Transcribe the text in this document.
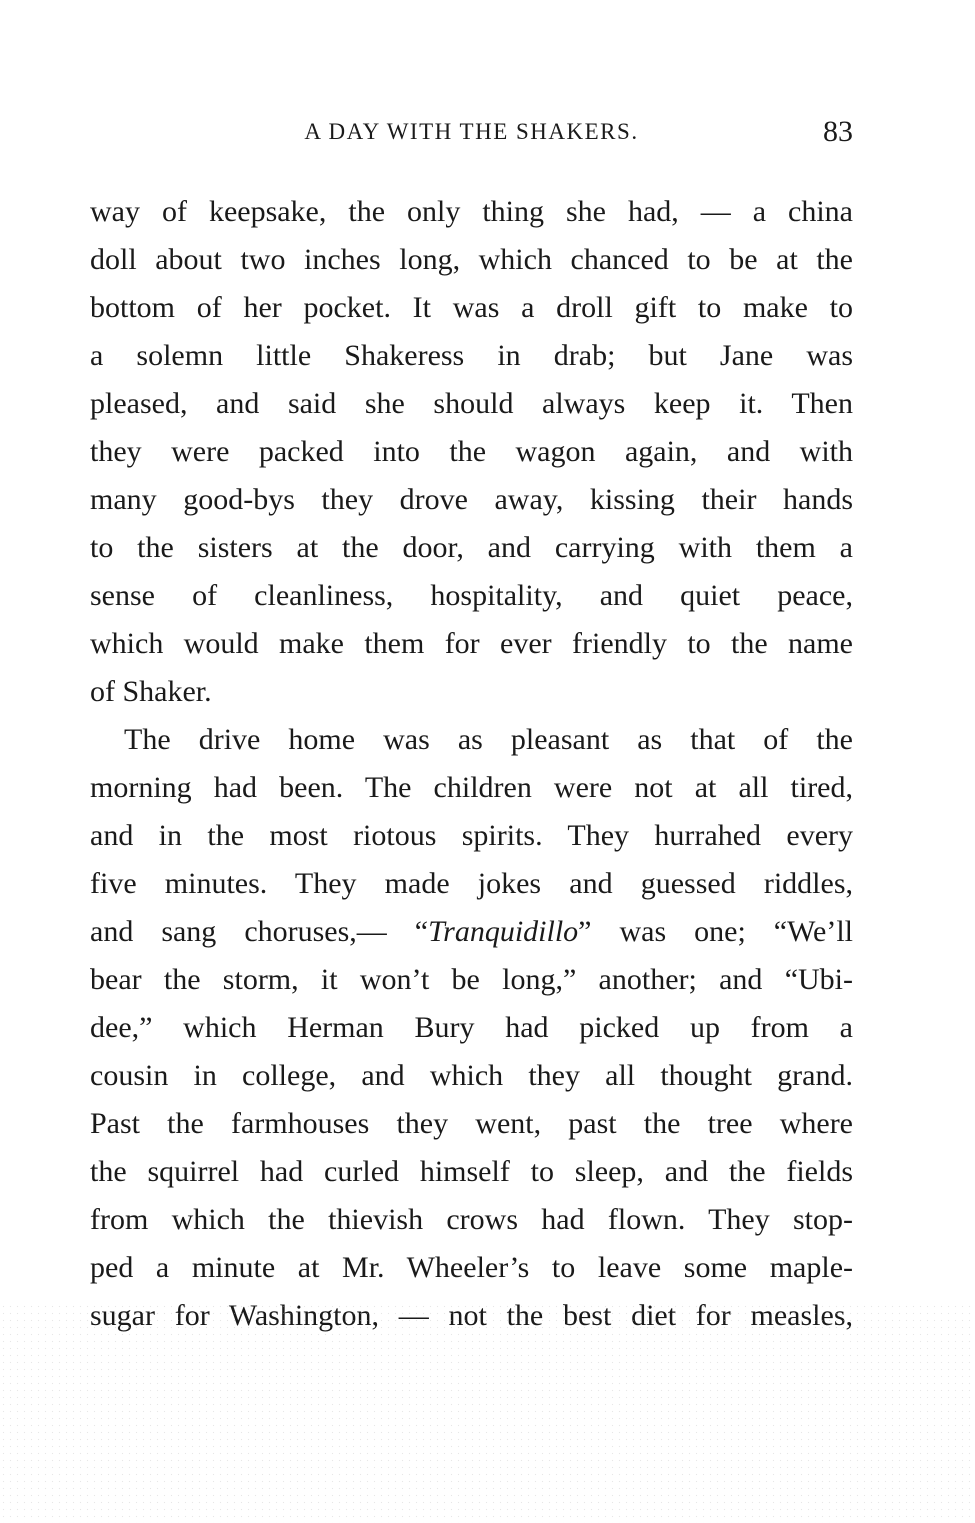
A DAY WITH THE SHAKERS.	83
way of keepsake, the only thing she had, — a china
doll about two inches long, which chanced to be at the
bottom of her pocket. It was a droll gift to make to
a solemn little Shakeress in drab; but Jane was
pleased, and said she should always keep it. Then
they were packed into the wagon again, and with
many good-bys they drove away, kissing their hands
to the sisters at the door, and carrying with them a
sense of cleanliness, hospitality, and quiet peace,
which would make them for ever friendly to the name
of Shaker.
The drive home was as pleasant as that of the
morning had been. The children were not at all tired,
and in the most riotous spirits. They hurrahed every
five minutes. They made jokes and guessed riddles,
and sang choruses,— “Tranquidillo” was one; “We’ll
bear the storm, it won’t be long,” another; and “Ubi-
dee,” which Herman Bury had picked up from a
cousin in college, and which they all thought grand.
Past the farmhouses they went, past the tree where
the squirrel had curled himself to sleep, and the fields
from which the thievish crows had flown. They stop-
ped a minute at Mr. Wheeler’s to leave some maple-
sugar for Washington, — not the best diet for measles,
